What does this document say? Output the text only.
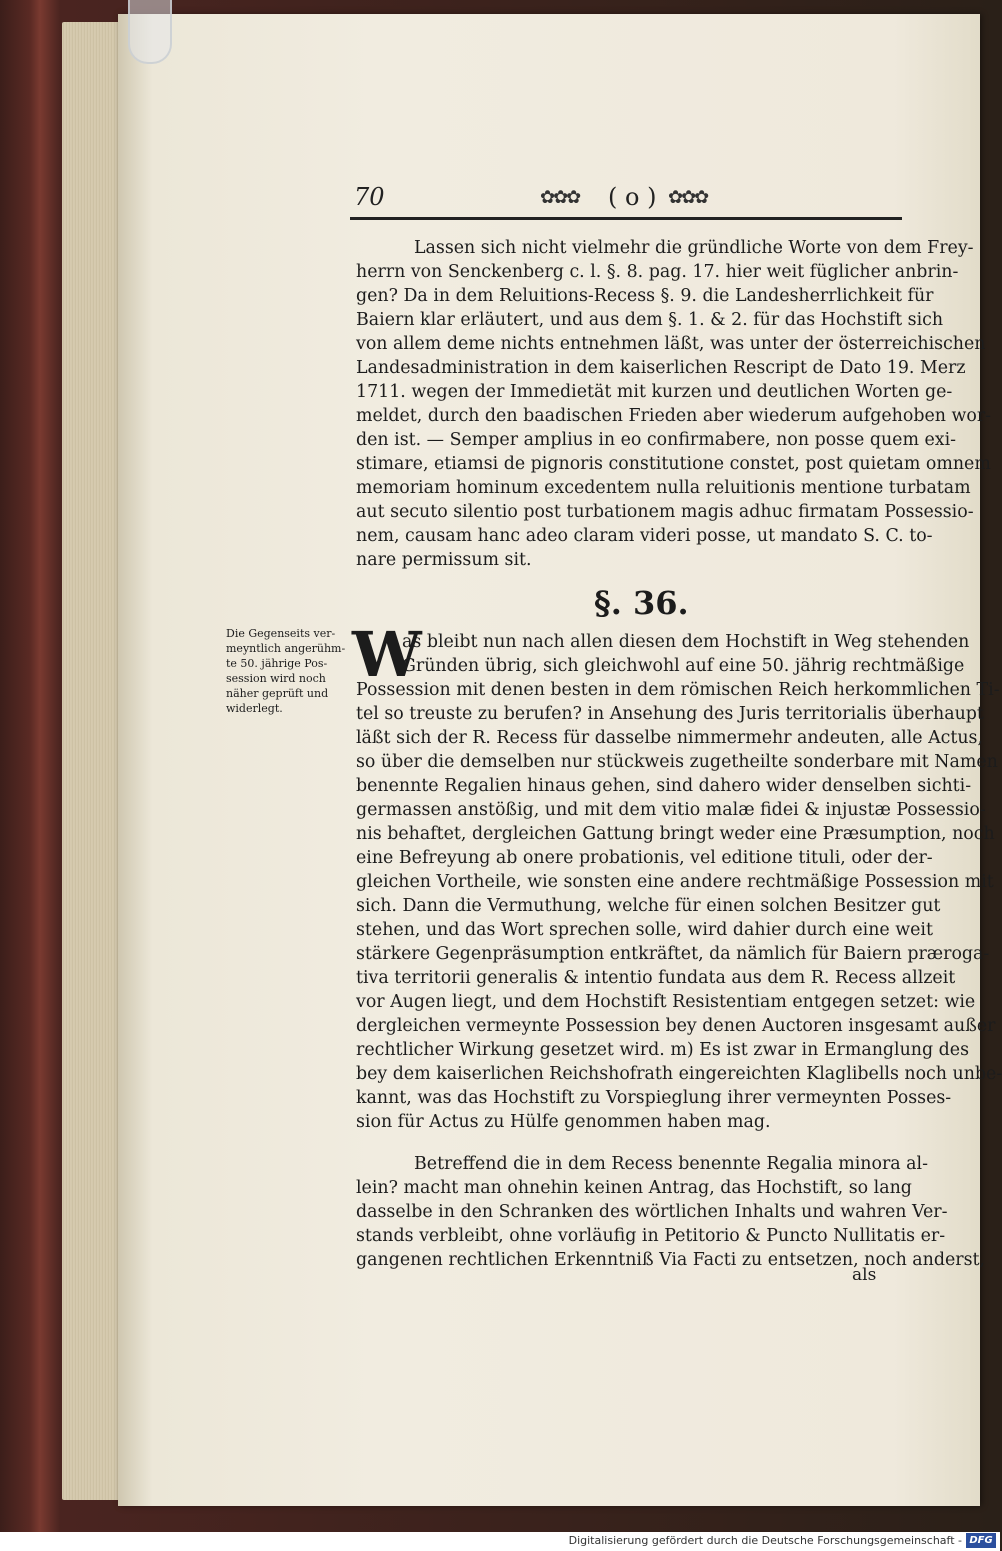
70	✿✿✿ ( o ) ✿✿✿
Lassen sich nicht vielmehr die gründliche Worte von dem Frey-
herrn von Senckenberg c. l. §. 8. pag. 17. hier weit füglicher anbrin-
gen? Da in dem Reluitions-Recess §. 9. die Landesherrlichkeit für
Baiern klar erläutert, und aus dem §. 1. & 2. für das Hochstift sich
von allem deme nichts entnehmen läßt, was unter der österreichischen
Landesadministration in dem kaiserlichen Rescript de Dato 19. Merz
1711. wegen der Immedietät mit kurzen und deutlichen Worten ge-
meldet, durch den baadischen Frieden aber wiederum aufgehoben wor-
den ist. — Semper amplius in eo confirmabere, non posse quem exi-
stimare, etiamsi de pignoris constitutione constet, post quietam omnem
memoriam hominum excedentem nulla reluitionis mentione turbatam
aut secuto silentio post turbationem magis adhuc firmatam Possessio-
nem, causam hanc adeo claram videri posse, ut mandato S. C. to-
nare permissum sit.
§. 36.
Die Gegenseits ver-
meyntlich angerühm-
te 50. jährige Pos-
session wird noch
näher geprüft und
widerlegt.
W
as bleibt nun nach allen diesen dem Hochstift in Weg stehenden
Gründen übrig, sich gleichwohl auf eine 50. jährig rechtmäßige
Possession mit denen besten in dem römischen Reich herkommlichen Ti-
tel so treuste zu berufen? in Ansehung des Juris territorialis überhaupt
läßt sich der R. Recess für dasselbe nimmermehr andeuten, alle Actus,
so über die demselben nur stückweis zugetheilte sonderbare mit Namen
benennte Regalien hinaus gehen, sind dahero wider denselben sichti-
germassen anstößig, und mit dem vitio malæ fidei & injustæ Possessio-
nis behaftet, dergleichen Gattung bringt weder eine Præsumption, noch
eine Befreyung ab onere probationis, vel editione tituli, oder der-
gleichen Vortheile, wie sonsten eine andere rechtmäßige Possession mit
sich. Dann die Vermuthung, welche für einen solchen Besitzer gut
stehen, und das Wort sprechen solle, wird dahier durch eine weit
stärkere Gegenpräsumption entkräftet, da nämlich für Baiern prærogа-
tiva territorii generalis & intentio fundata aus dem R. Recess allzeit
vor Augen liegt, und dem Hochstift Resistentiam entgegen setzet: wie
dergleichen vermeynte Possession bey denen Auctoren insgesamt außer
rechtlicher Wirkung gesetzet wird. m) Es ist zwar in Ermanglung des
bey dem kaiserlichen Reichshofrath eingereichten Klaglibells noch unbe-
kannt, was das Hochstift zu Vorspieglung ihrer vermeynten Posses-
sion für Actus zu Hülfe genommen haben mag.
Betreffend die in dem Recess benennte Regalia minora al-
lein? macht man ohnehin keinen Antrag, das Hochstift, so lang
dasselbe in den Schranken des wörtlichen Inhalts und wahren Ver-
stands verbleibt, ohne vorläufig in Petitorio & Puncto Nullitatis er-
gangenen rechtlichen Erkenntniß Via Facti zu entsetzen, noch anderst,
als
Digitalisierung gefördert durch die Deutsche Forschungsgemeinschaft - DFG
